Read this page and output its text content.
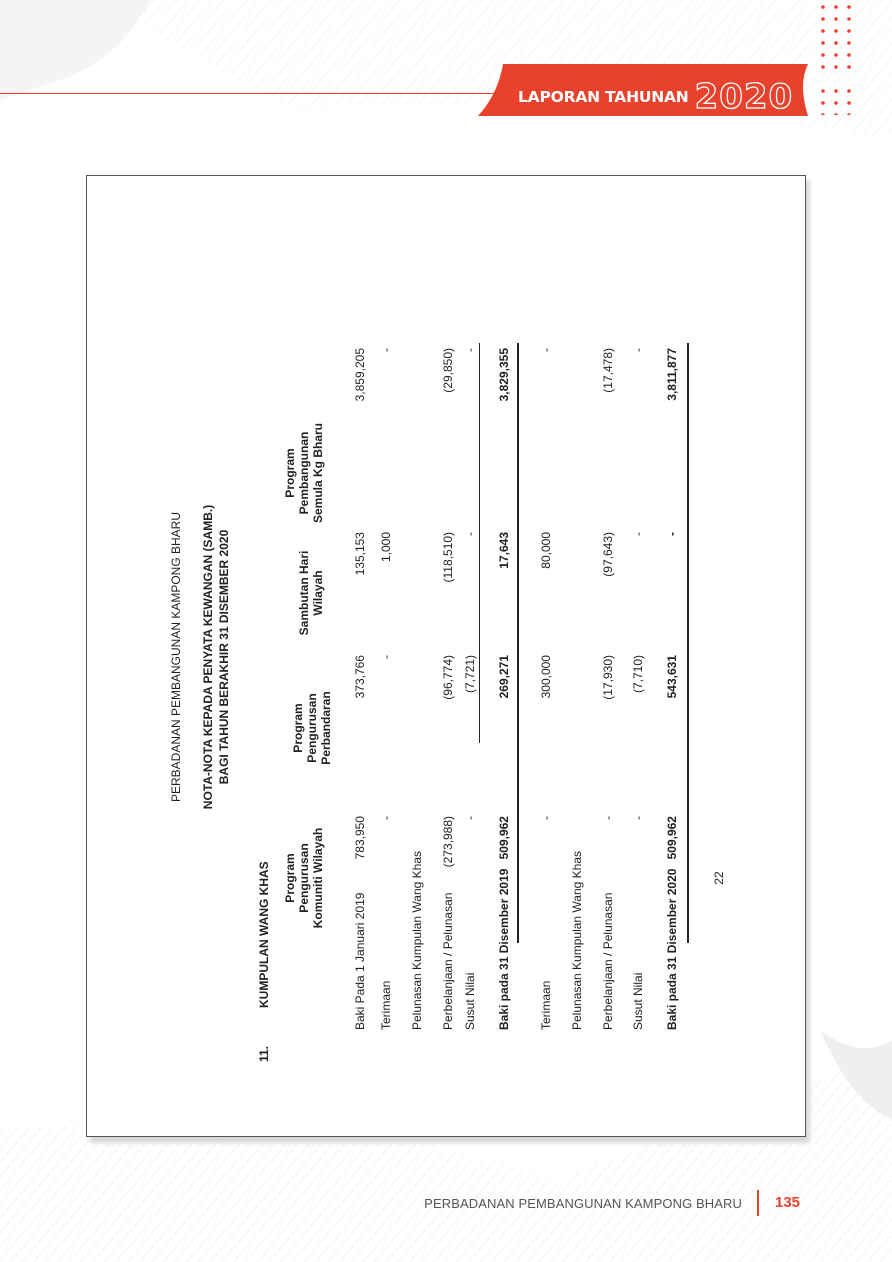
LAPORAN TAHUNAN 2020
PERBADANAN PEMBANGUNAN KAMPONG BHARU NOTA-NOTA KEPADA PENYATA KEWANGAN (SAMB.) BAGI TAHUN BERAKHIR 31 DISEMBER 2020
11.
KUMPULAN WANG KHAS Program Pengurusan Komuniti Wilayah
Program Pengurusan Perbandaran
Sambutan Hari Wilayah
Program Pembangunan Semula Kg Bharu
Baki Pada 1 Januari 2019 Terimaan Pelunasan Kumpulan Wang Khas Perbelanjaan / Pelunasan Susut Nilai Baki pada 31 Disember 2019 Terimaan Pelunasan Kumpulan Wang Khas Perbelanjaan / Pelunasan Susut Nilai Baki pada 31 Disember 2020
783,950
373,766
135,153
3,859,205
-
-
1,000
-
(273,988)
(96,774)
(118,510)
(29,850)
-
(7,721)
-
-
509,962
269,271
17,643
3,829,355
-
300,000
80,000
-
-
(17,930)
(97,643)
(17,478)
-
(7,710)
-
-
509,962
543,631
-
3,811,877
22
PERBADANAN PEMBANGUNAN KAMPONG BHARU 135
